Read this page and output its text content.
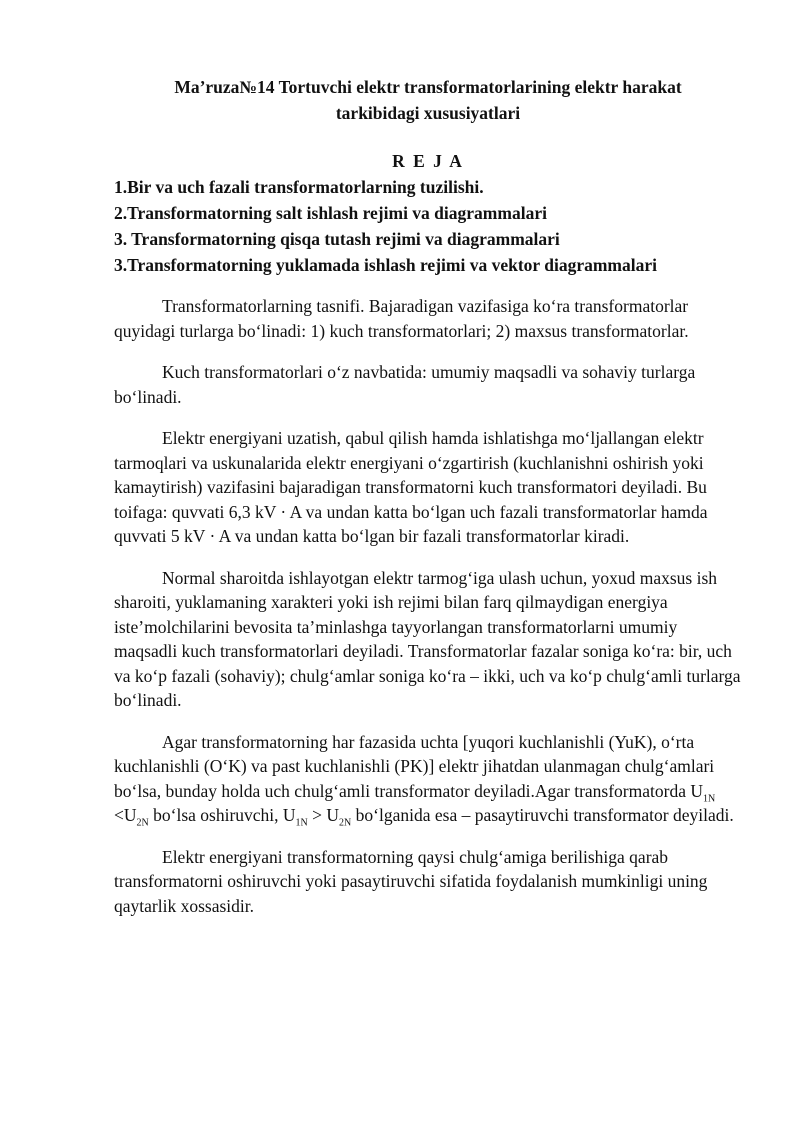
Ma’ruza№14 Tortuvchi elektr transformatorlarining elektr harakat
tarkibidagi xususiyatlari

R E J A

1.Bir va uch fazali transformatorlarning tuzilishi.
2.Transformatorning salt ishlash rejimi va diagrammalari
3. Transformatorning qisqa tutash rejimi va diagrammalari
3.Transformatorning yuklamada ishlash rejimi va vektor diagrammalari

Transformatorlarning tasnifi. Bajaradigan vazifasiga ko‘ra transformatorlar quyidagi turlarga bo‘linadi: 1) kuch transformatorlari; 2) maxsus transformatorlar.

Kuch transformatorlari o‘z navbatida: umumiy maqsadli va sohaviy turlarga bo‘linadi.

Elektr energiyani uzatish, qabul qilish hamda ishlatishga mo‘ljallangan elektr tarmoqlari va uskunalarida elektr energiyani o‘zgartirish (kuchlanishni oshirish yoki kamaytirish) vazifasini bajaradigan transformatorni kuch transformatori deyiladi. Bu toifaga: quvvati 6,3 kV · A va undan katta bo‘lgan uch fazali transformatorlar hamda quvvati 5 kV · A va undan katta bo‘lgan bir fazali transformatorlar kiradi.

Normal sharoitda ishlayotgan elektr tarmog‘iga ulash uchun, yoxud maxsus ish sharoiti, yuklamaning xarakteri yoki ish rejimi bilan farq qilmaydigan energiya iste’molchilarini bevosita ta’minlashga tayyorlangan transformatorlarni umumiy maqsadli kuch transformatorlari deyiladi. Transformatorlar fazalar soniga ko‘ra: bir, uch va ko‘p fazali (sohaviy); chulg‘amlar soniga ko‘ra – ikki, uch va ko‘p chulg‘amli turlarga bo‘linadi.

Agar transformatorning har fazasida uchta [yuqori kuchlanishli (YuK), o‘rta kuchlanishli (O‘K) va past kuchlanishli (PK)] elektr jihatdan ulanmagan chulg‘amlari bo‘lsa, bunday holda uch chulg‘amli transformator deyiladi.Agar transformatorda $U_{1N} <U_{2N}$ bo‘lsa oshiruvchi, $U_{1N} > U_{2N}$ bo‘lganida esa – pasaytiruvchi transformator deyiladi.

Elektr energiyani transformatorning qaysi chulg‘amiga berilishiga qarab transformatorni oshiruvchi yoki pasaytiruvchi sifatida foydalanish mumkinligi uning qaytarlik xossasidir.
